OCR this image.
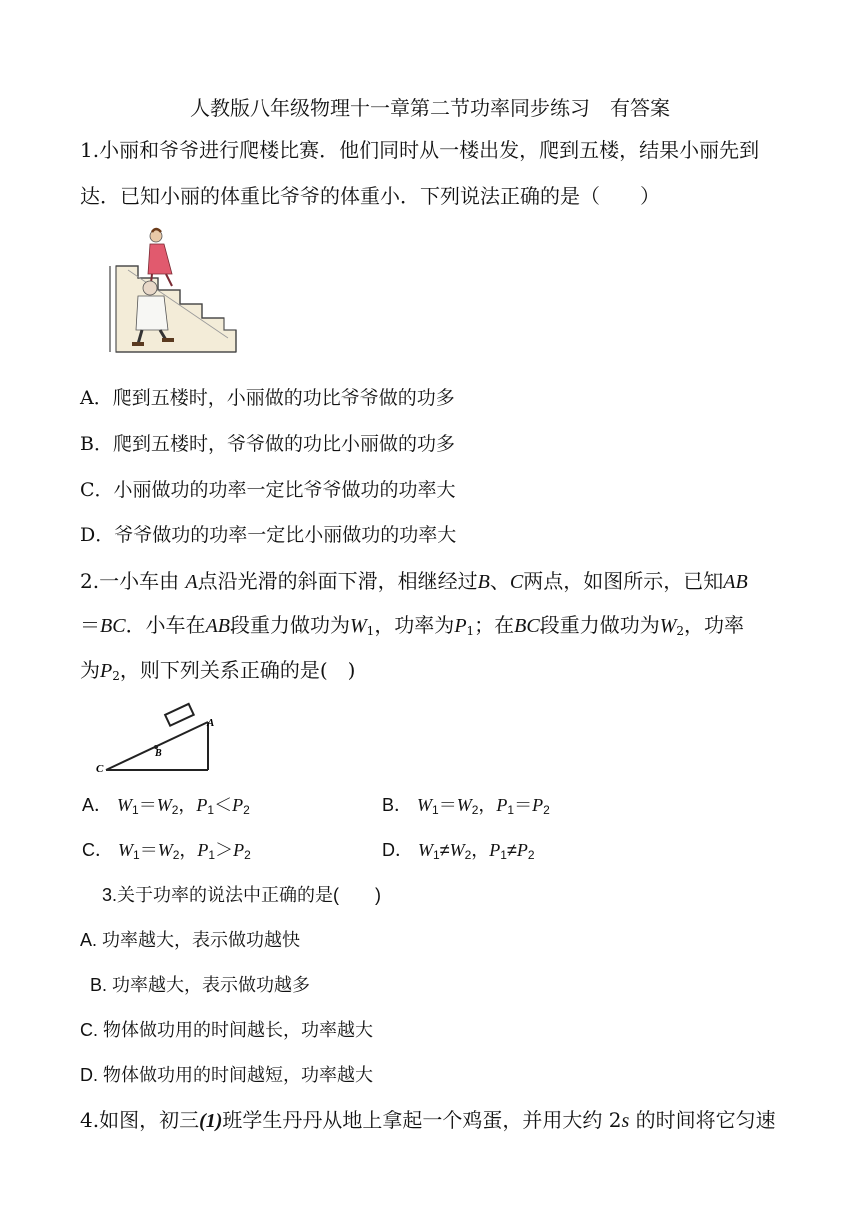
人教版八年级物理十一章第二节功率同步练习　有答案
1.小丽和爷爷进行爬楼比赛．他们同时从一楼出发，爬到五楼，结果小丽先到
达．已知小丽的体重比爷爷的体重小．下列说法正确的是（　　）
A．爬到五楼时，小丽做的功比爷爷做的功多
B．爬到五楼时，爷爷做的功比小丽做的功多
C．小丽做功的功率一定比爷爷做功的功率大
D．爷爷做功的功率一定比小丽做功的功率大
2.一小车由 A点沿光滑的斜面下滑，相继经过B、C两点，如图所示，已知AB
＝BC．小车在AB段重力做功为$W_1$，功率为$P_1$；在BC段重力做功为$W_2$，功率
为$P_2$，则下列关系正确的是(　)
A
B
C
A． $W_1=W_2$，$P_1<P_2$	B． $W_1=W_2$，$P_1=P_2$
C． $W_1=W_2$，$P_1>P_2$	D． $W_1\ne W_2$，$P_1\ne P_2$
3.关于功率的说法中正确的是(　　)
A. 功率越大，表示做功越快
B. 功率越大，表示做功越多
C. 物体做功用的时间越长，功率越大
D. 物体做功用的时间越短，功率越大
4.如图，初三(1)班学生丹丹从地上拿起一个鸡蛋，并用大约 2s 的时间将它匀速
